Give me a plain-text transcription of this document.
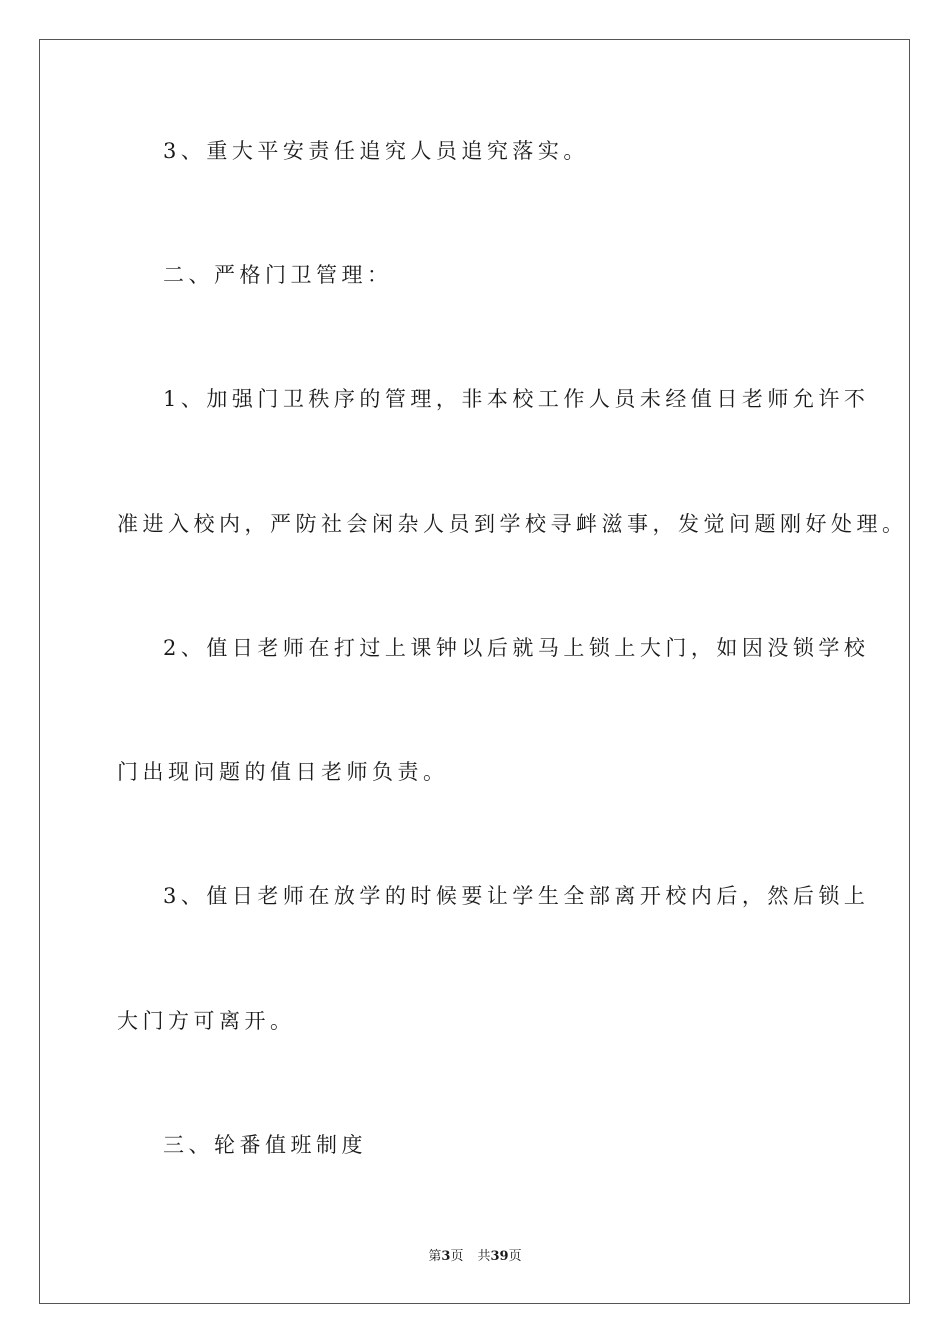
3、重大平安责任追究人员追究落实。
二、严格门卫管理：
1、加强门卫秩序的管理，非本校工作人员未经值日老师允许不
准进入校内，严防社会闲杂人员到学校寻衅滋事，发觉问题刚好处理。
2、值日老师在打过上课钟以后就马上锁上大门，如因没锁学校
门出现问题的值日老师负责。
3、值日老师在放学的时候要让学生全部离开校内后，然后锁上
大门方可离开。
三、轮番值班制度
第3页 共39页
